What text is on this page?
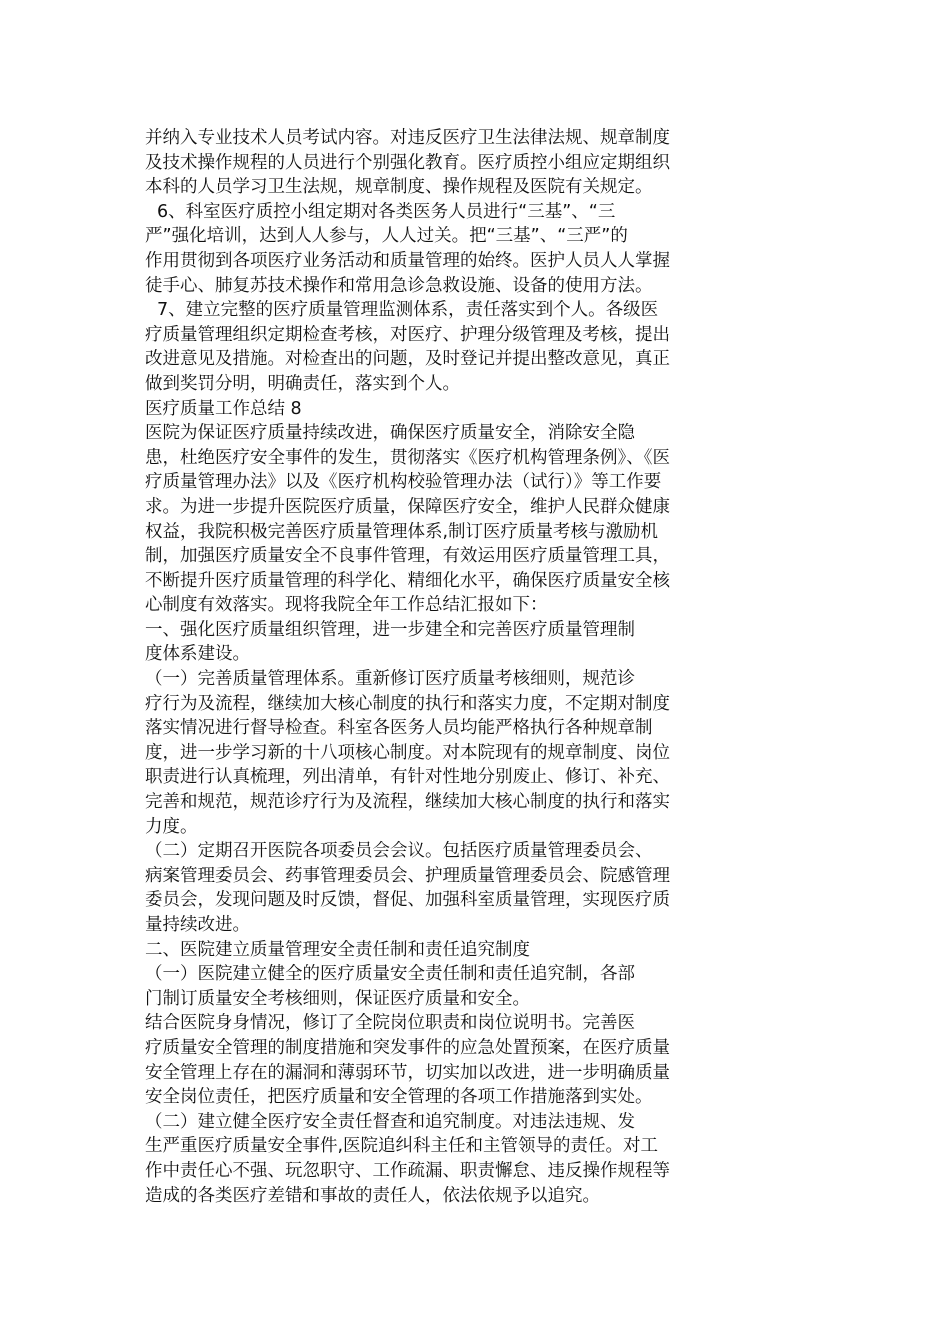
并纳入专业技术人员考试内容。对违反医疗卫生法律法规、规章制度
及技术操作规程的人员进行个别强化教育。医疗质控小组应定期组织
本科的人员学习卫生法规，规章制度、操作规程及医院有关规定。
6、科室医疗质控小组定期对各类医务人员进行“三基”、“三
严”强化培训，达到人人参与，人人过关。把“三基”、“三严”的
作用贯彻到各项医疗业务活动和质量管理的始终。医护人员人人掌握
徒手心、肺复苏技术操作和常用急诊急救设施、设备的使用方法。
7、建立完整的医疗质量管理监测体系，责任落实到个人。各级医
疗质量管理组织定期检查考核，对医疗、护理分级管理及考核，提出
改进意见及措施。对检查出的问题，及时登记并提出整改意见，真正
做到奖罚分明，明确责任，落实到个人。
医疗质量工作总结 8
医院为保证医疗质量持续改进，确保医疗质量安全，消除安全隐
患，杜绝医疗安全事件的发生，贯彻落实《医疗机构管理条例》、《医
疗质量管理办法》以及《医疗机构校验管理办法（试行）》等工作要
求。为进一步提升医院医疗质量，保障医疗安全，维护人民群众健康
权益，我院积极完善医疗质量管理体系,制订医疗质量考核与激励机
制，加强医疗质量安全不良事件管理，有效运用医疗质量管理工具，
不断提升医疗质量管理的科学化、精细化水平，确保医疗质量安全核
心制度有效落实。现将我院全年工作总结汇报如下：
一、强化医疗质量组织管理，进一步建全和完善医疗质量管理制
度体系建设。
（一）完善质量管理体系。重新修订医疗质量考核细则，规范诊
疗行为及流程，继续加大核心制度的执行和落实力度，不定期对制度
落实情况进行督导检查。科室各医务人员均能严格执行各种规章制
度，进一步学习新的十八项核心制度。对本院现有的规章制度、岗位
职责进行认真梳理，列出清单，有针对性地分别废止、修订、补充、
完善和规范，规范诊疗行为及流程，继续加大核心制度的执行和落实
力度。
（二）定期召开医院各项委员会会议。包括医疗质量管理委员会、
病案管理委员会、药事管理委员会、护理质量管理委员会、院感管理
委员会，发现问题及时反馈，督促、加强科室质量管理，实现医疗质
量持续改进。
二、医院建立质量管理安全责任制和责任追究制度
（一）医院建立健全的医疗质量安全责任制和责任追究制，各部
门制订质量安全考核细则，保证医疗质量和安全。
结合医院身身情况，修订了全院岗位职责和岗位说明书。完善医
疗质量安全管理的制度措施和突发事件的应急处置预案，在医疗质量
安全管理上存在的漏洞和薄弱环节，切实加以改进，进一步明确质量
安全岗位责任，把医疗质量和安全管理的各项工作措施落到实处。
（二）建立健全医疗安全责任督查和追究制度。对违法违规、发
生严重医疗质量安全事件,医院追纠科主任和主管领导的责任。对工
作中责任心不强、玩忽职守、工作疏漏、职责懈怠、违反操作规程等
造成的各类医疗差错和事故的责任人，依法依规予以追究。
